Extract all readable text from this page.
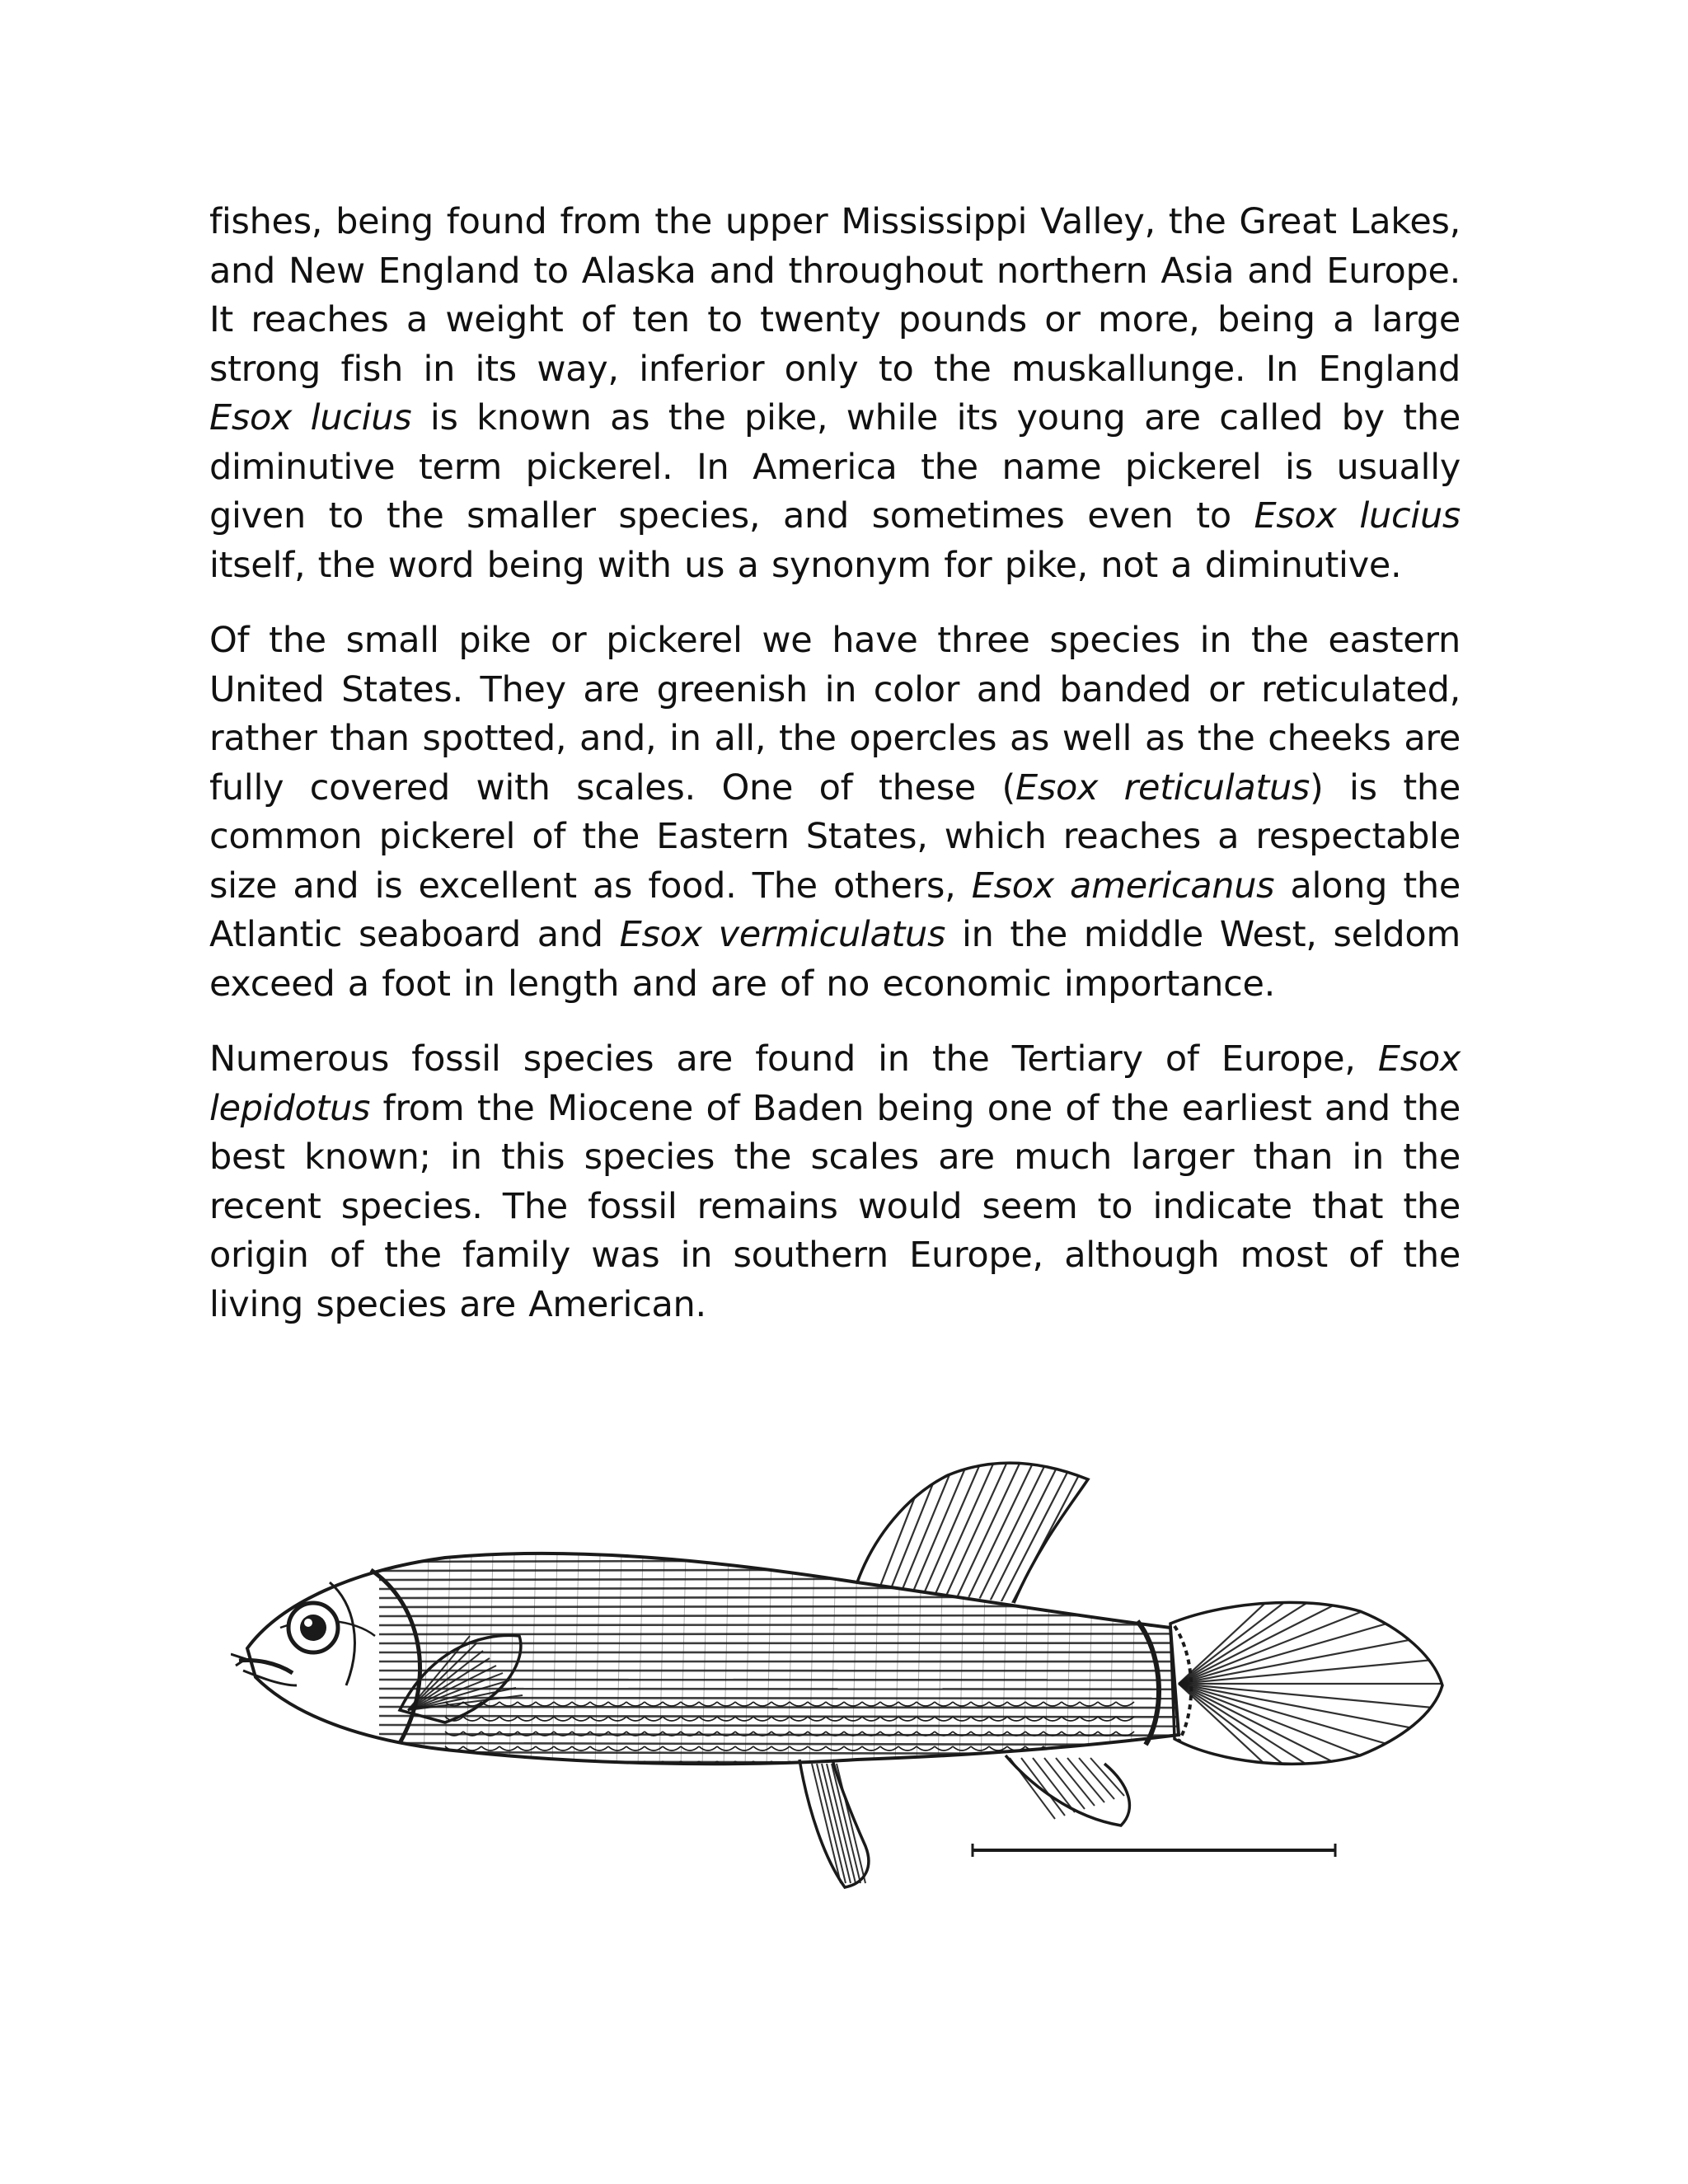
fishes, being found from the upper Mississippi Valley, the Great Lakes, and New England to Alaska and throughout northern Asia and Europe. It reaches a weight of ten to twenty pounds or more, being a large strong fish in its way, inferior only to the muskallunge. In England Esox lucius is known as the pike, while its young are called by the diminutive term pickerel. In America the name pickerel is usually given to the smaller species, and sometimes even to Esox lucius itself, the word being with us a synonym for pike, not a diminutive.

Of the small pike or pickerel we have three species in the eastern United States. They are greenish in color and banded or reticulated, rather than spotted, and, in all, the opercles as well as the cheeks are fully covered with scales. One of these (Esox reticulatus) is the common pickerel of the Eastern States, which reaches a respectable size and is excellent as food. The others, Esox americanus along the Atlantic seaboard and Esox vermiculatus in the middle West, seldom exceed a foot in length and are of no economic importance.

Numerous fossil species are found in the Tertiary of Europe, Esox lepidotus from the Miocene of Baden being one of the earliest and the best known; in this species the scales are much larger than in the recent species. The fossil remains would seem to indicate that the origin of the family was in southern Europe, although most of the living species are American.
